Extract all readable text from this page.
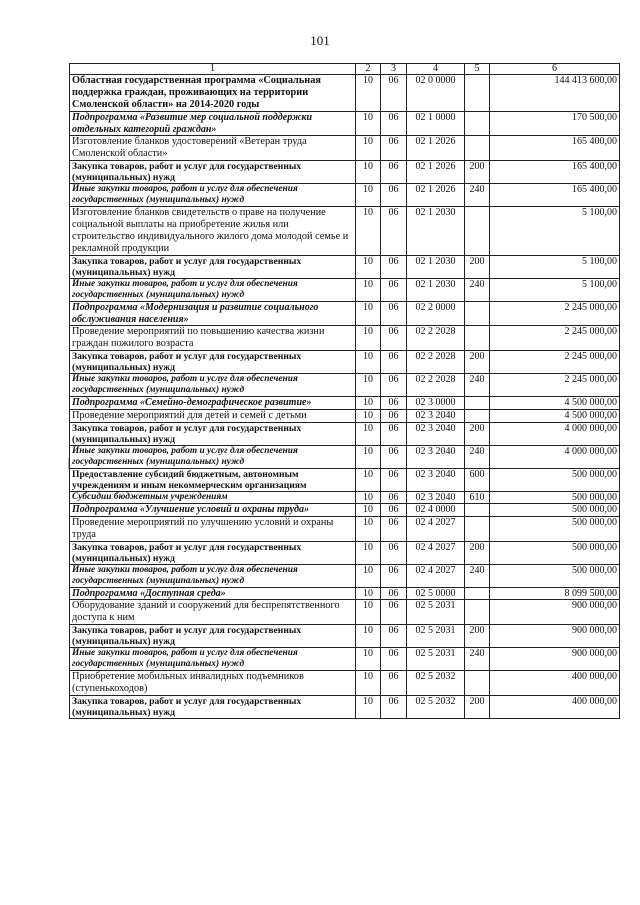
101
1	2	3	4	5	6
Областная государственная программа «Социальная поддержка граждан, проживающих на территории Смоленской области» на 2014-2020 годы	10	06	02 0 0000		144 413 600,00
Подпрограмма «Развитие мер социальной поддержки отдельных категорий граждан»	10	06	02 1 0000		170 500,00
Изготовление бланков удостоверений «Ветеран труда Смоленской области»	10	06	02 1 2026		165 400,00
Закупка товаров, работ и услуг для государственных (муниципальных) нужд	10	06	02 1 2026	200	165 400,00
Иные закупки товаров, работ и услуг для обеспечения государственных (муниципальных) нужд	10	06	02 1 2026	240	165 400,00
Изготовление бланков свидетельств о праве на получение социальной выплаты на приобретение жилья или строительство индивидуального жилого дома молодой семье и рекламной продукции	10	06	02 1 2030		5 100,00
Закупка товаров, работ и услуг для государственных (муниципальных) нужд	10	06	02 1 2030	200	5 100,00
Иные закупки товаров, работ и услуг для обеспечения государственных (муниципальных) нужд	10	06	02 1 2030	240	5 100,00
Подпрограмма «Модернизация и развитие социального обслуживания населения»	10	06	02 2 0000		2 245 000,00
Проведение мероприятий по повышению качества жизни граждан пожилого возраста	10	06	02 2 2028		2 245 000,00
Закупка товаров, работ и услуг для государственных (муниципальных) нужд	10	06	02 2 2028	200	2 245 000,00
Иные закупки товаров, работ и услуг для обеспечения государственных (муниципальных) нужд	10	06	02 2 2028	240	2 245 000,00
Подпрограмма «Семейно-демографическое развитие»	10	06	02 3 0000		4 500 000,00
Проведение мероприятий для детей и семей с детьми	10	06	02 3 2040		4 500 000,00
Закупка товаров, работ и услуг для государственных (муниципальных) нужд	10	06	02 3 2040	200	4 000 000,00
Иные закупки товаров, работ и услуг для обеспечения государственных (муниципальных) нужд	10	06	02 3 2040	240	4 000 000,00
Предоставление субсидий бюджетным, автономным учреждениям и иным некоммерческим организациям	10	06	02 3 2040	600	500 000,00
Субсидии бюджетным учреждениям	10	06	02 3 2040	610	500 000,00
Подпрограмма «Улучшение условий и охраны труда»	10	06	02 4 0000		500 000,00
Проведение мероприятий по улучшению условий и охраны труда	10	06	02 4 2027		500 000,00
Закупка товаров, работ и услуг для государственных (муниципальных) нужд	10	06	02 4 2027	200	500 000,00
Иные закупки товаров, работ и услуг для обеспечения государственных (муниципальных) нужд	10	06	02 4 2027	240	500 000,00
Подпрограмма «Доступная среда»	10	06	02 5 0000		8 099 500,00
Оборудование зданий и сооружений для беспрепятственного доступа к ним	10	06	02 5 2031		900 000,00
Закупка товаров, работ и услуг для государственных (муниципальных) нужд	10	06	02 5 2031	200	900 000,00
Иные закупки товаров, работ и услуг для обеспечения государственных (муниципальных) нужд	10	06	02 5 2031	240	900 000,00
Приобретение мобильных инвалидных подъемников (ступенькоходов)	10	06	02 5 2032		400 000,00
Закупка товаров, работ и услуг для государственных (муниципальных) нужд	10	06	02 5 2032	200	400 000,00
